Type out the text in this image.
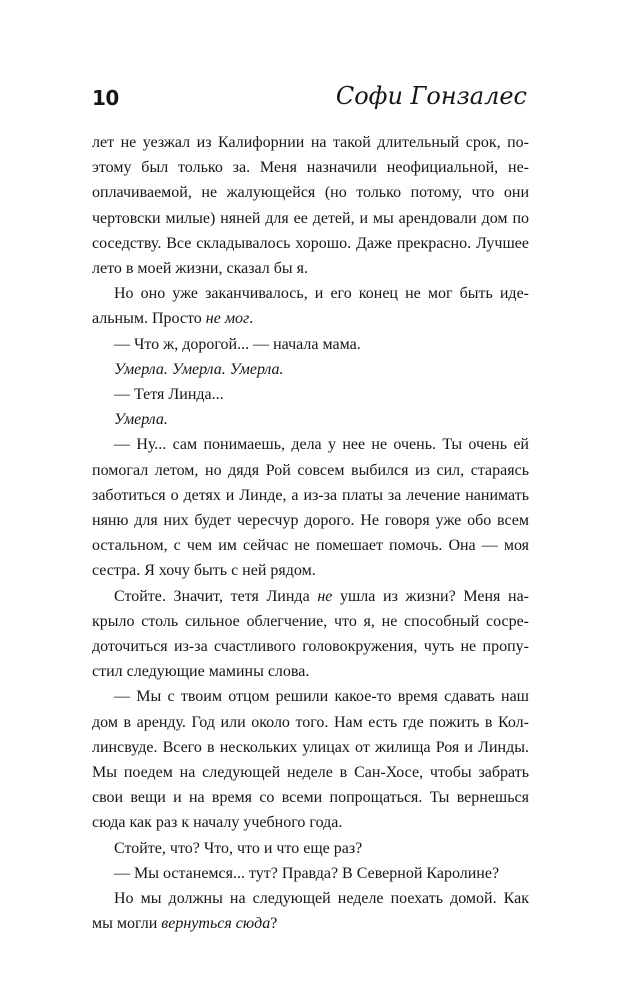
10	Софи Гонзалес

лет не уезжал из Калифорнии на такой длительный срок, по-

этому был только за. Меня назначили неофициальной, не-

оплачиваемой, не жалующейся (но только потому, что они

чертовски милые) няней для ее детей, и мы арендовали дом по

соседству. Все складывалось хорошо. Даже прекрасно. Лучшее

лето в моей жизни, сказал бы я.

Но оно уже заканчивалось, и его конец не мог быть иде-

альным. Просто не мог.

— Что ж, дорогой... — начала мама.

Умерла. Умерла. Умерла.

— Тетя Линда...

Умерла.

— Ну... сам понимаешь, дела у нее не очень. Ты очень ей

помогал летом, но дядя Рой совсем выбился из сил, стараясь

заботиться о детях и Линде, а из-за платы за лечение нанимать

няню для них будет чересчур дорого. Не говоря уже обо всем

остальном, с чем им сейчас не помешает помочь. Она — моя

сестра. Я хочу быть с ней рядом.

Стойте. Значит, тетя Линда не ушла из жизни? Меня на-

крыло столь сильное облегчение, что я, не способный сосре-

доточиться из-за счастливого головокружения, чуть не пропу-

стил следующие мамины слова.

— Мы с твоим отцом решили какое-то время сдавать наш

дом в аренду. Год или около того. Нам есть где пожить в Кол-

линсвуде. Всего в нескольких улицах от жилища Роя и Линды.

Мы поедем на следующей неделе в Сан-Хосе, чтобы забрать

свои вещи и на время со всеми попрощаться. Ты вернешься

сюда как раз к началу учебного года.

Стойте, что? Что, что и что еще раз?

— Мы останемся... тут? Правда? В Северной Каролине?

Но мы должны на следующей неделе поехать домой. Как

мы могли вернуться сюда?
